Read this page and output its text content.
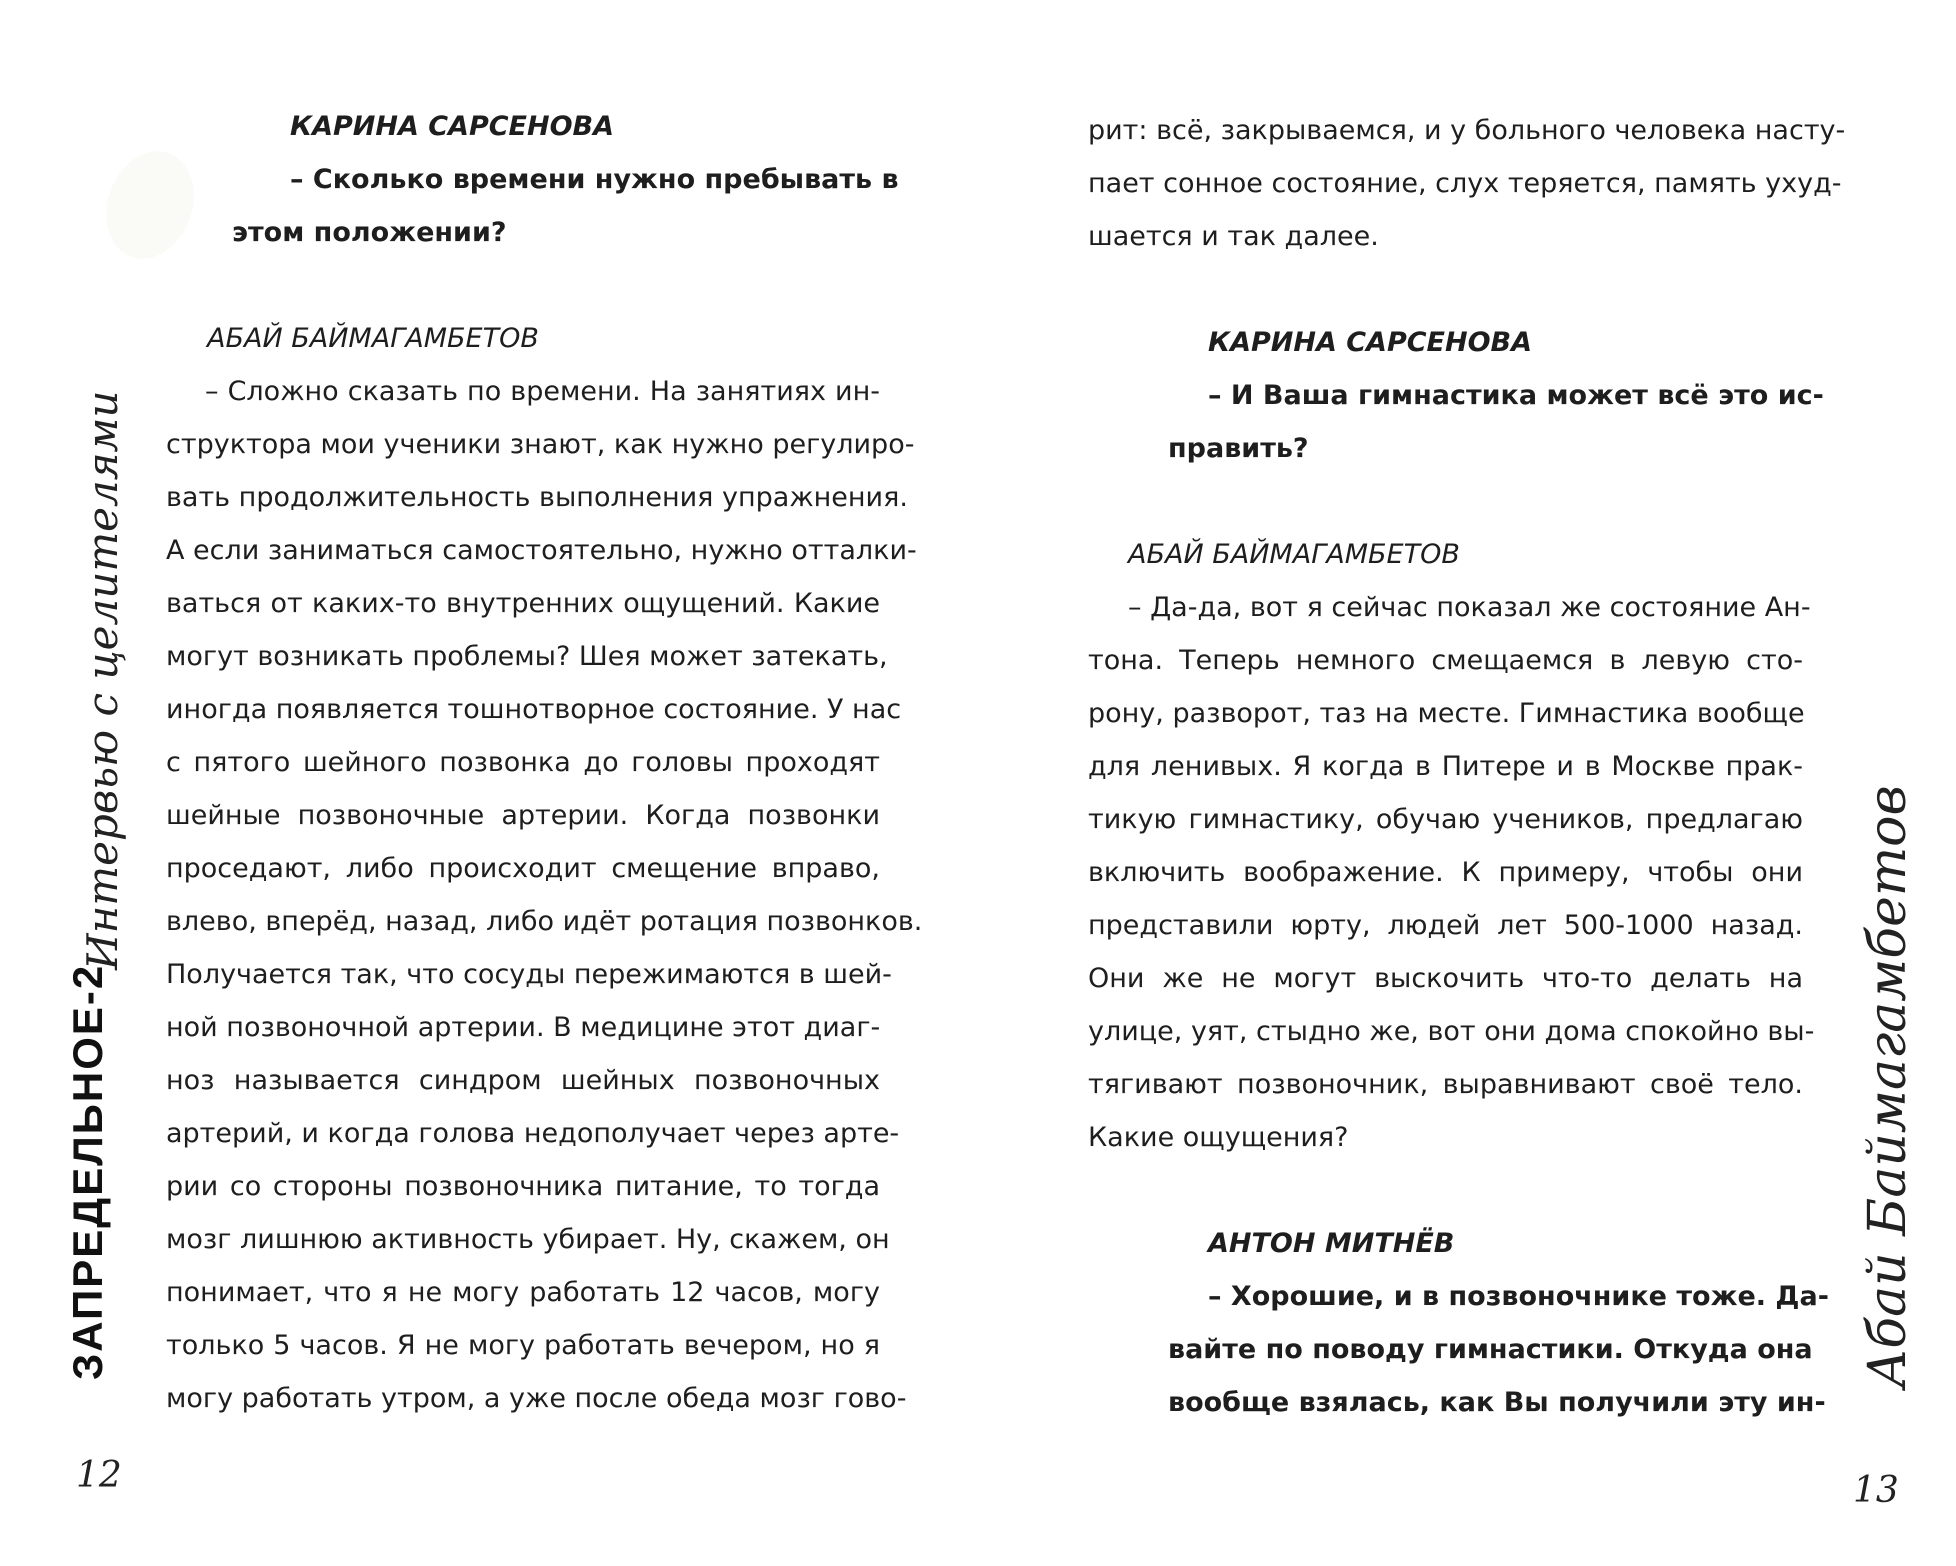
ЗАПРЕДЕЛЬНОЕ-2
Интервью с целителями
КАРИНА САРСЕНОВА
– Сколько времени нужно пребывать в
этом положении?
АБАЙ БАЙМАГАМБЕТОВ
– Сложно сказать по времени. На занятиях ин-
структора мои ученики знают, как нужно регулиро-
вать продолжительность выполнения упражнения.
А если заниматься самостоятельно, нужно отталки-
ваться от каких-то внутренних ощущений. Какие
могут возникать проблемы? Шея может затекать,
иногда появляется тошнотворное состояние. У нас
с пятого шейного позвонка до головы проходят
шейные позвоночные артерии. Когда позвонки
проседают, либо происходит смещение вправо,
влево, вперёд, назад, либо идёт ротация позвонков.
Получается так, что сосуды пережимаются в шей-
ной позвоночной артерии. В медицине этот диаг-
ноз называется синдром шейных позвоночных
артерий, и когда голова недополучает через арте-
рии со стороны позвоночника питание, то тогда
мозг лишнюю активность убирает. Ну, скажем, он
понимает, что я не могу работать 12 часов, могу
только 5 часов. Я не могу работать вечером, но я
могу работать утром, а уже после обеда мозг гово-
12
рит: всё, закрываемся, и у больного человека насту-
пает сонное состояние, слух теряется, память ухуд-
шается и так далее.
КАРИНА САРСЕНОВА
– И Ваша гимнастика может всё это ис-
править?
АБАЙ БАЙМАГАМБЕТОВ
– Да-да, вот я сейчас показал же состояние Ан-
тона. Теперь немного смещаемся в левую сто-
рону, разворот, таз на месте. Гимнастика вообще
для ленивых. Я когда в Питере и в Москве прак-
тикую гимнастику, обучаю учеников, предлагаю
включить воображение. К примеру, чтобы они
представили юрту, людей лет 500-1000 назад.
Они же не могут выскочить что-то делать на
улице, уят, стыдно же, вот они дома спокойно вы-
тягивают позвоночник, выравнивают своё тело.
Какие ощущения?
АНТОН МИТНЁВ
– Хорошие, и в позвоночнике тоже. Да-
вайте по поводу гимнастики. Откуда она
вообще взялась, как Вы получили эту ин-
Абай Баймагамбетов
13
